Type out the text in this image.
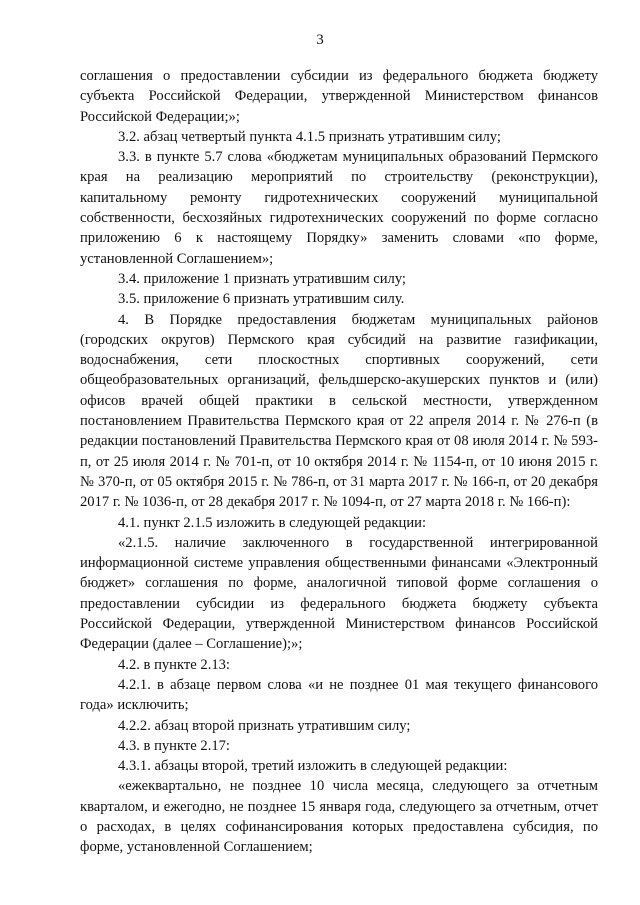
3

соглашения о предоставлении субсидии из федерального бюджета бюджету субъекта Российской Федерации, утвержденной Министерством финансов Российской Федерации;»;

3.2. абзац четвертый пункта 4.1.5 признать утратившим силу;

3.3. в пункте 5.7 слова «бюджетам муниципальных образований Пермского края на реализацию мероприятий по строительству (реконструкции), капитальному ремонту гидротехнических сооружений муниципальной собственности, бесхозяйных гидротехнических сооружений по форме согласно приложению 6 к настоящему Порядку» заменить словами «по форме, установленной Соглашением»;

3.4. приложение 1 признать утратившим силу;

3.5. приложение 6 признать утратившим силу.

4. В Порядке предоставления бюджетам муниципальных районов (городских округов) Пермского края субсидий на развитие газификации, водоснабжения, сети плоскостных спортивных сооружений, сети общеобразовательных организаций, фельдшерско-акушерских пунктов и (или) офисов врачей общей практики в сельской местности, утвержденном постановлением Правительства Пермского края от 22 апреля 2014 г. № 276-п (в редакции постановлений Правительства Пермского края от 08 июля 2014 г. № 593-п, от 25 июля 2014 г. № 701-п, от 10 октября 2014 г. № 1154-п, от 10 июня 2015 г. № 370-п, от 05 октября 2015 г. № 786-п, от 31 марта 2017 г. № 166-п, от 20 декабря 2017 г. № 1036-п, от 28 декабря 2017 г. № 1094-п, от 27 марта 2018 г. № 166-п):

4.1. пункт 2.1.5 изложить в следующей редакции:

«2.1.5. наличие заключенного в государственной интегрированной информационной системе управления общественными финансами «Электронный бюджет» соглашения по форме, аналогичной типовой форме соглашения о предоставлении субсидии из федерального бюджета бюджету субъекта Российской Федерации, утвержденной Министерством финансов Российской Федерации (далее – Соглашение);»;

4.2. в пункте 2.13:

4.2.1. в абзаце первом слова «и не позднее 01 мая текущего финансового года» исключить;

4.2.2. абзац второй признать утратившим силу;

4.3. в пункте 2.17:

4.3.1. абзацы второй, третий изложить в следующей редакции:

«ежеквартально, не позднее 10 числа месяца, следующего за отчетным кварталом, и ежегодно, не позднее 15 января года, следующего за отчетным, отчет о расходах, в целях софинансирования которых предоставлена субсидия, по форме, установленной Соглашением;
